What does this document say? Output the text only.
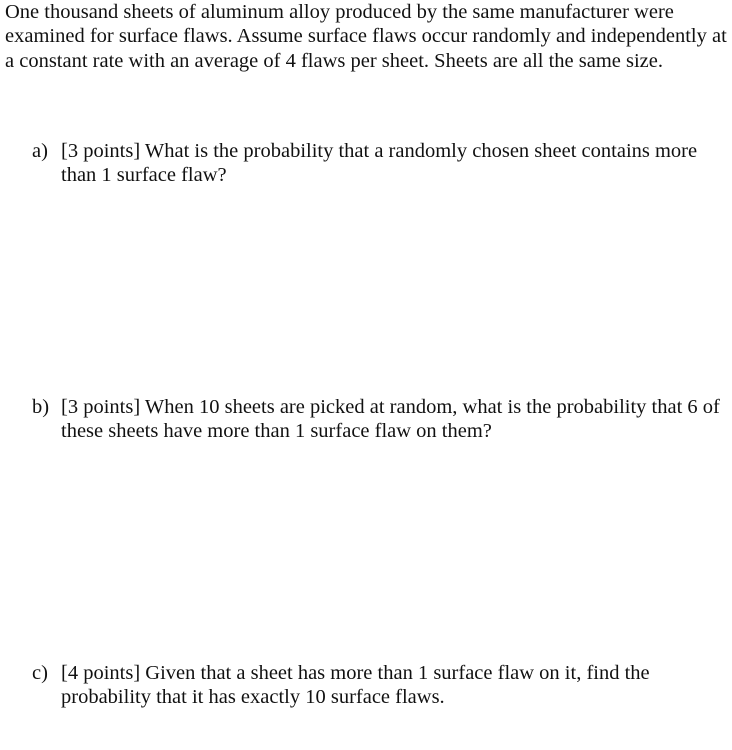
One thousand sheets of aluminum alloy produced by the same manufacturer were examined for surface flaws. Assume surface flaws occur randomly and independently at a constant rate with an average of 4 flaws per sheet. Sheets are all the same size.

a) [3 points] What is the probability that a randomly chosen sheet contains more than 1 surface flaw?
b) [3 points] When 10 sheets are picked at random, what is the probability that 6 of these sheets have more than 1 surface flaw on them?
c) [4 points] Given that a sheet has more than 1 surface flaw on it, find the probability that it has exactly 10 surface flaws.
